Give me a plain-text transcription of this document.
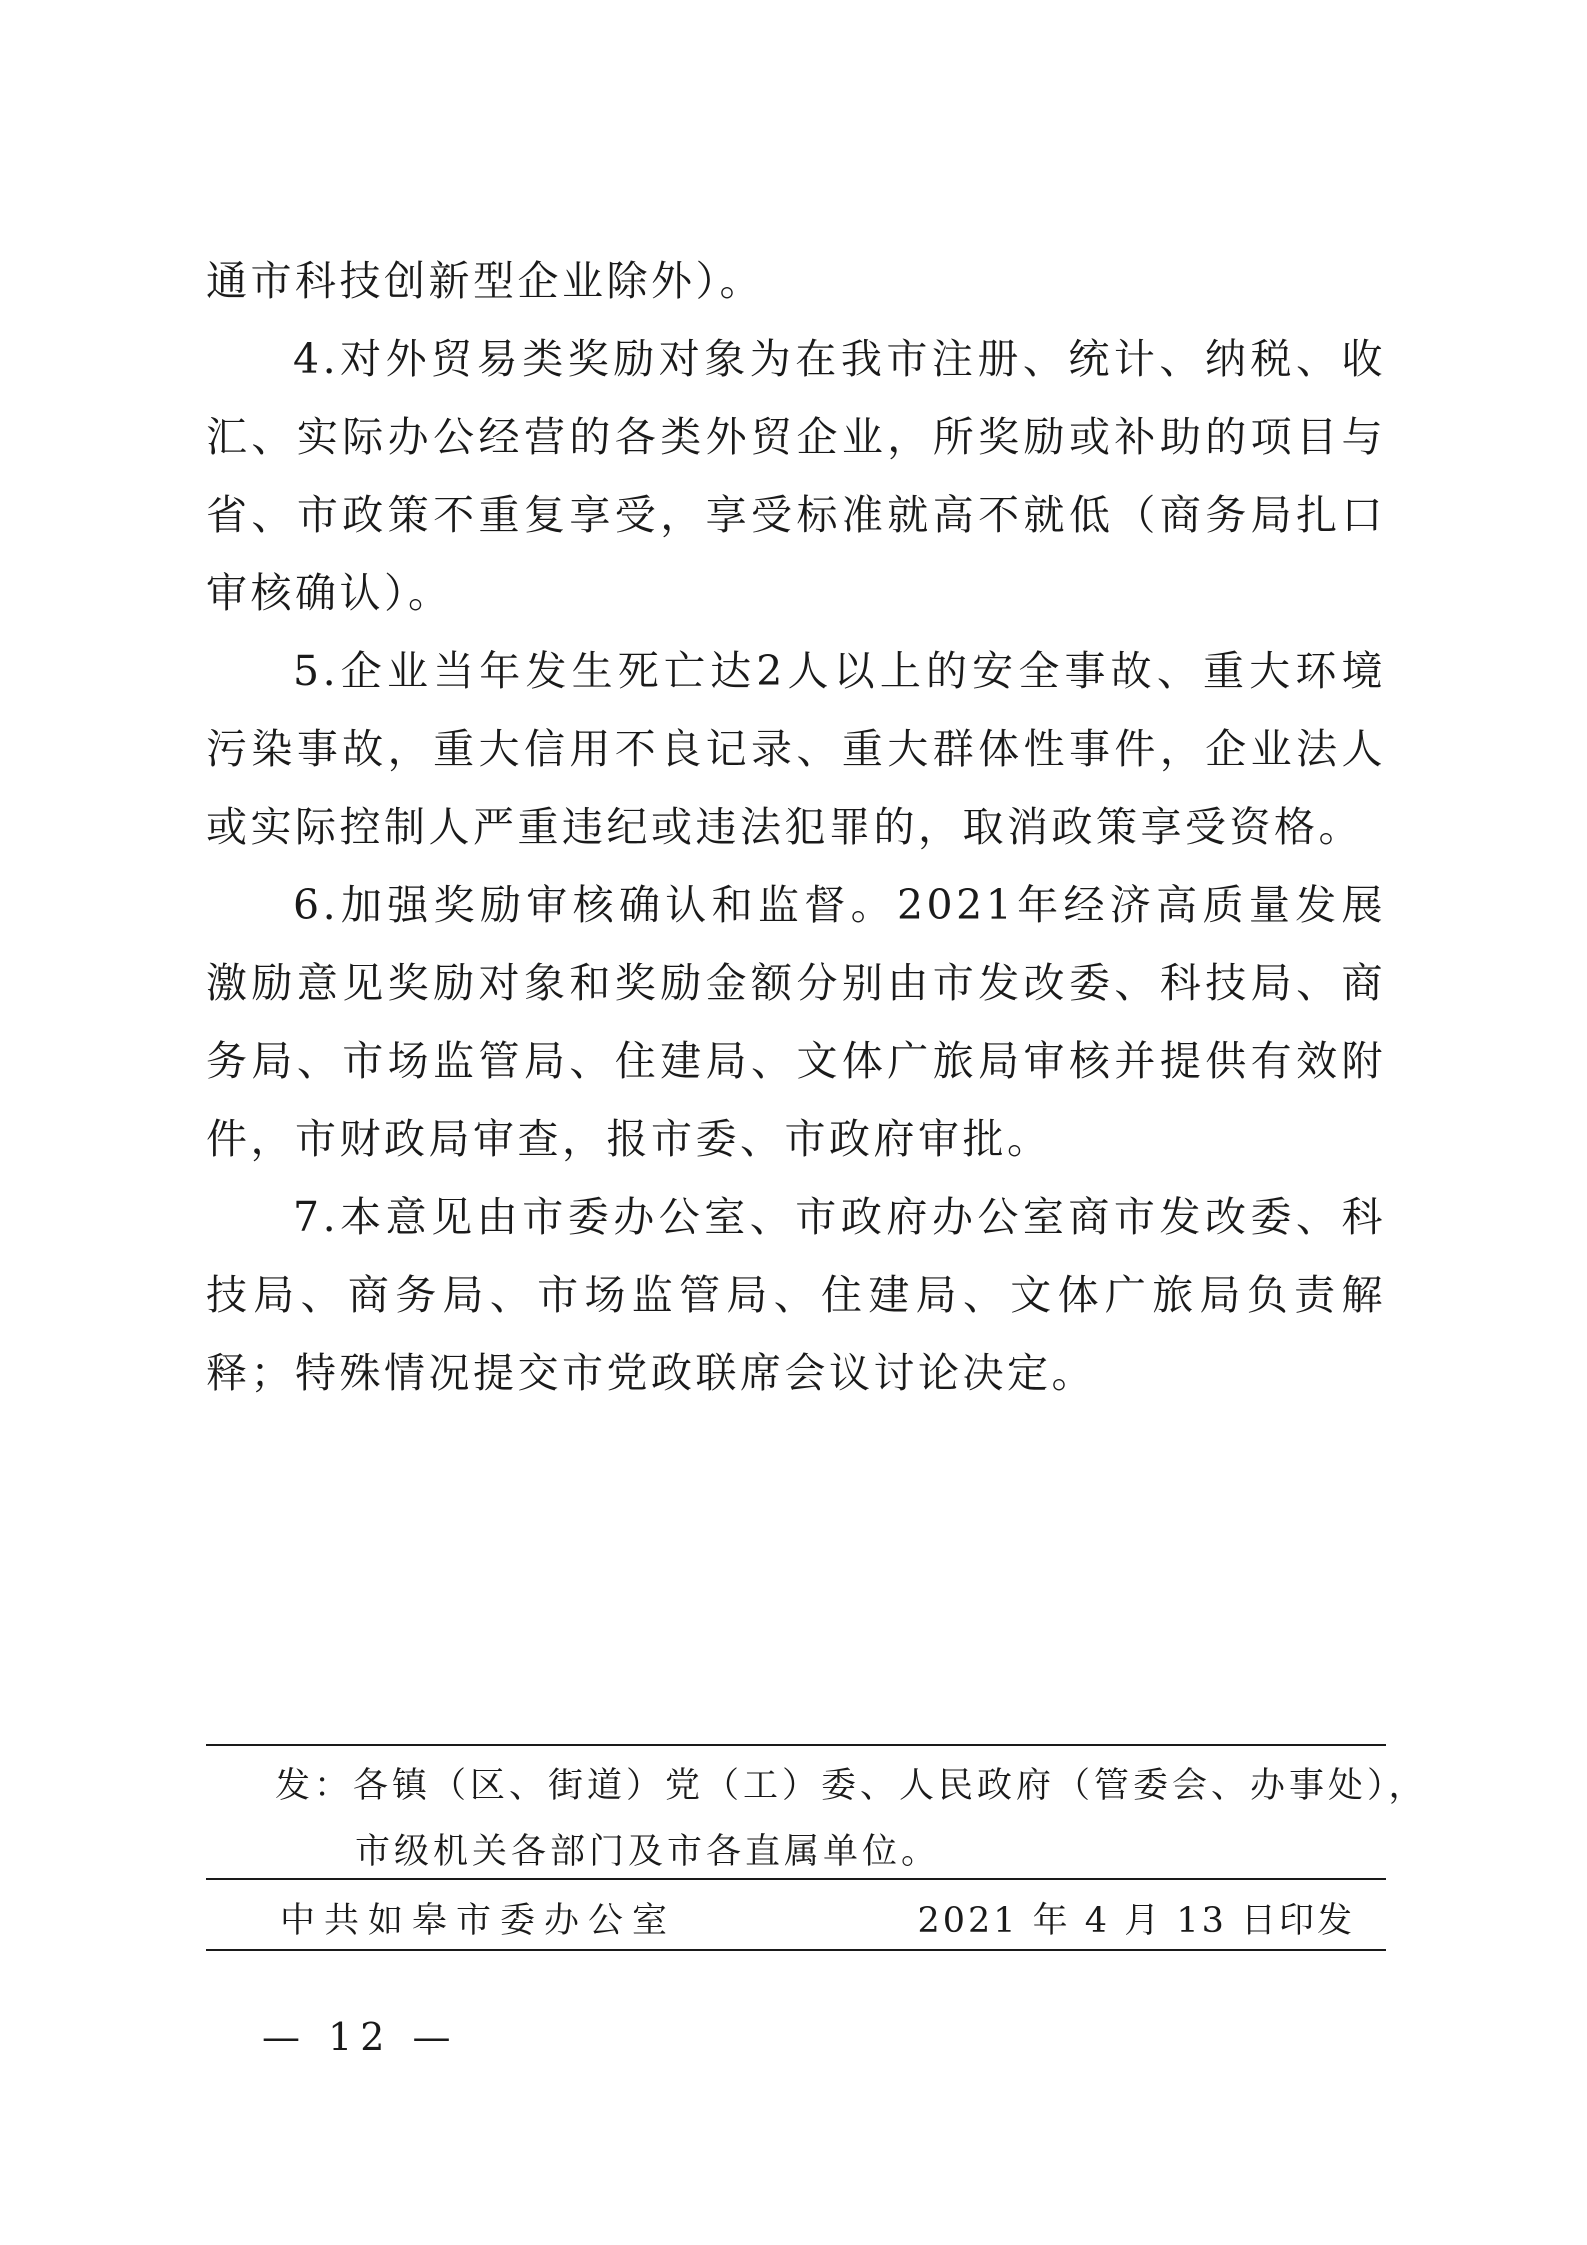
通市科技创新型企业除外）。

4.对外贸易类奖励对象为在我市注册、统计、纳税、收汇、实际办公经营的各类外贸企业，所奖励或补助的项目与省、市政策不重复享受，享受标准就高不就低（商务局扎口审核确认）。

5.企业当年发生死亡达2人以上的安全事故、重大环境污染事故，重大信用不良记录、重大群体性事件，企业法人或实际控制人严重违纪或违法犯罪的，取消政策享受资格。

6.加强奖励审核确认和监督。2021年经济高质量发展激励意见奖励对象和奖励金额分别由市发改委、科技局、商务局、市场监管局、住建局、文体广旅局审核并提供有效附件，市财政局审查，报市委、市政府审批。

7.本意见由市委办公室、市政府办公室商市发改委、科技局、商务局、市场监管局、住建局、文体广旅局负责解释；特殊情况提交市党政联席会议讨论决定。

发：各镇（区、街道）党（工）委、人民政府（管委会、办事处），
市级机关各部门及市各直属单位。
中共如皋市委办公室	2021 年 4 月 13 日印发
— 12 —
